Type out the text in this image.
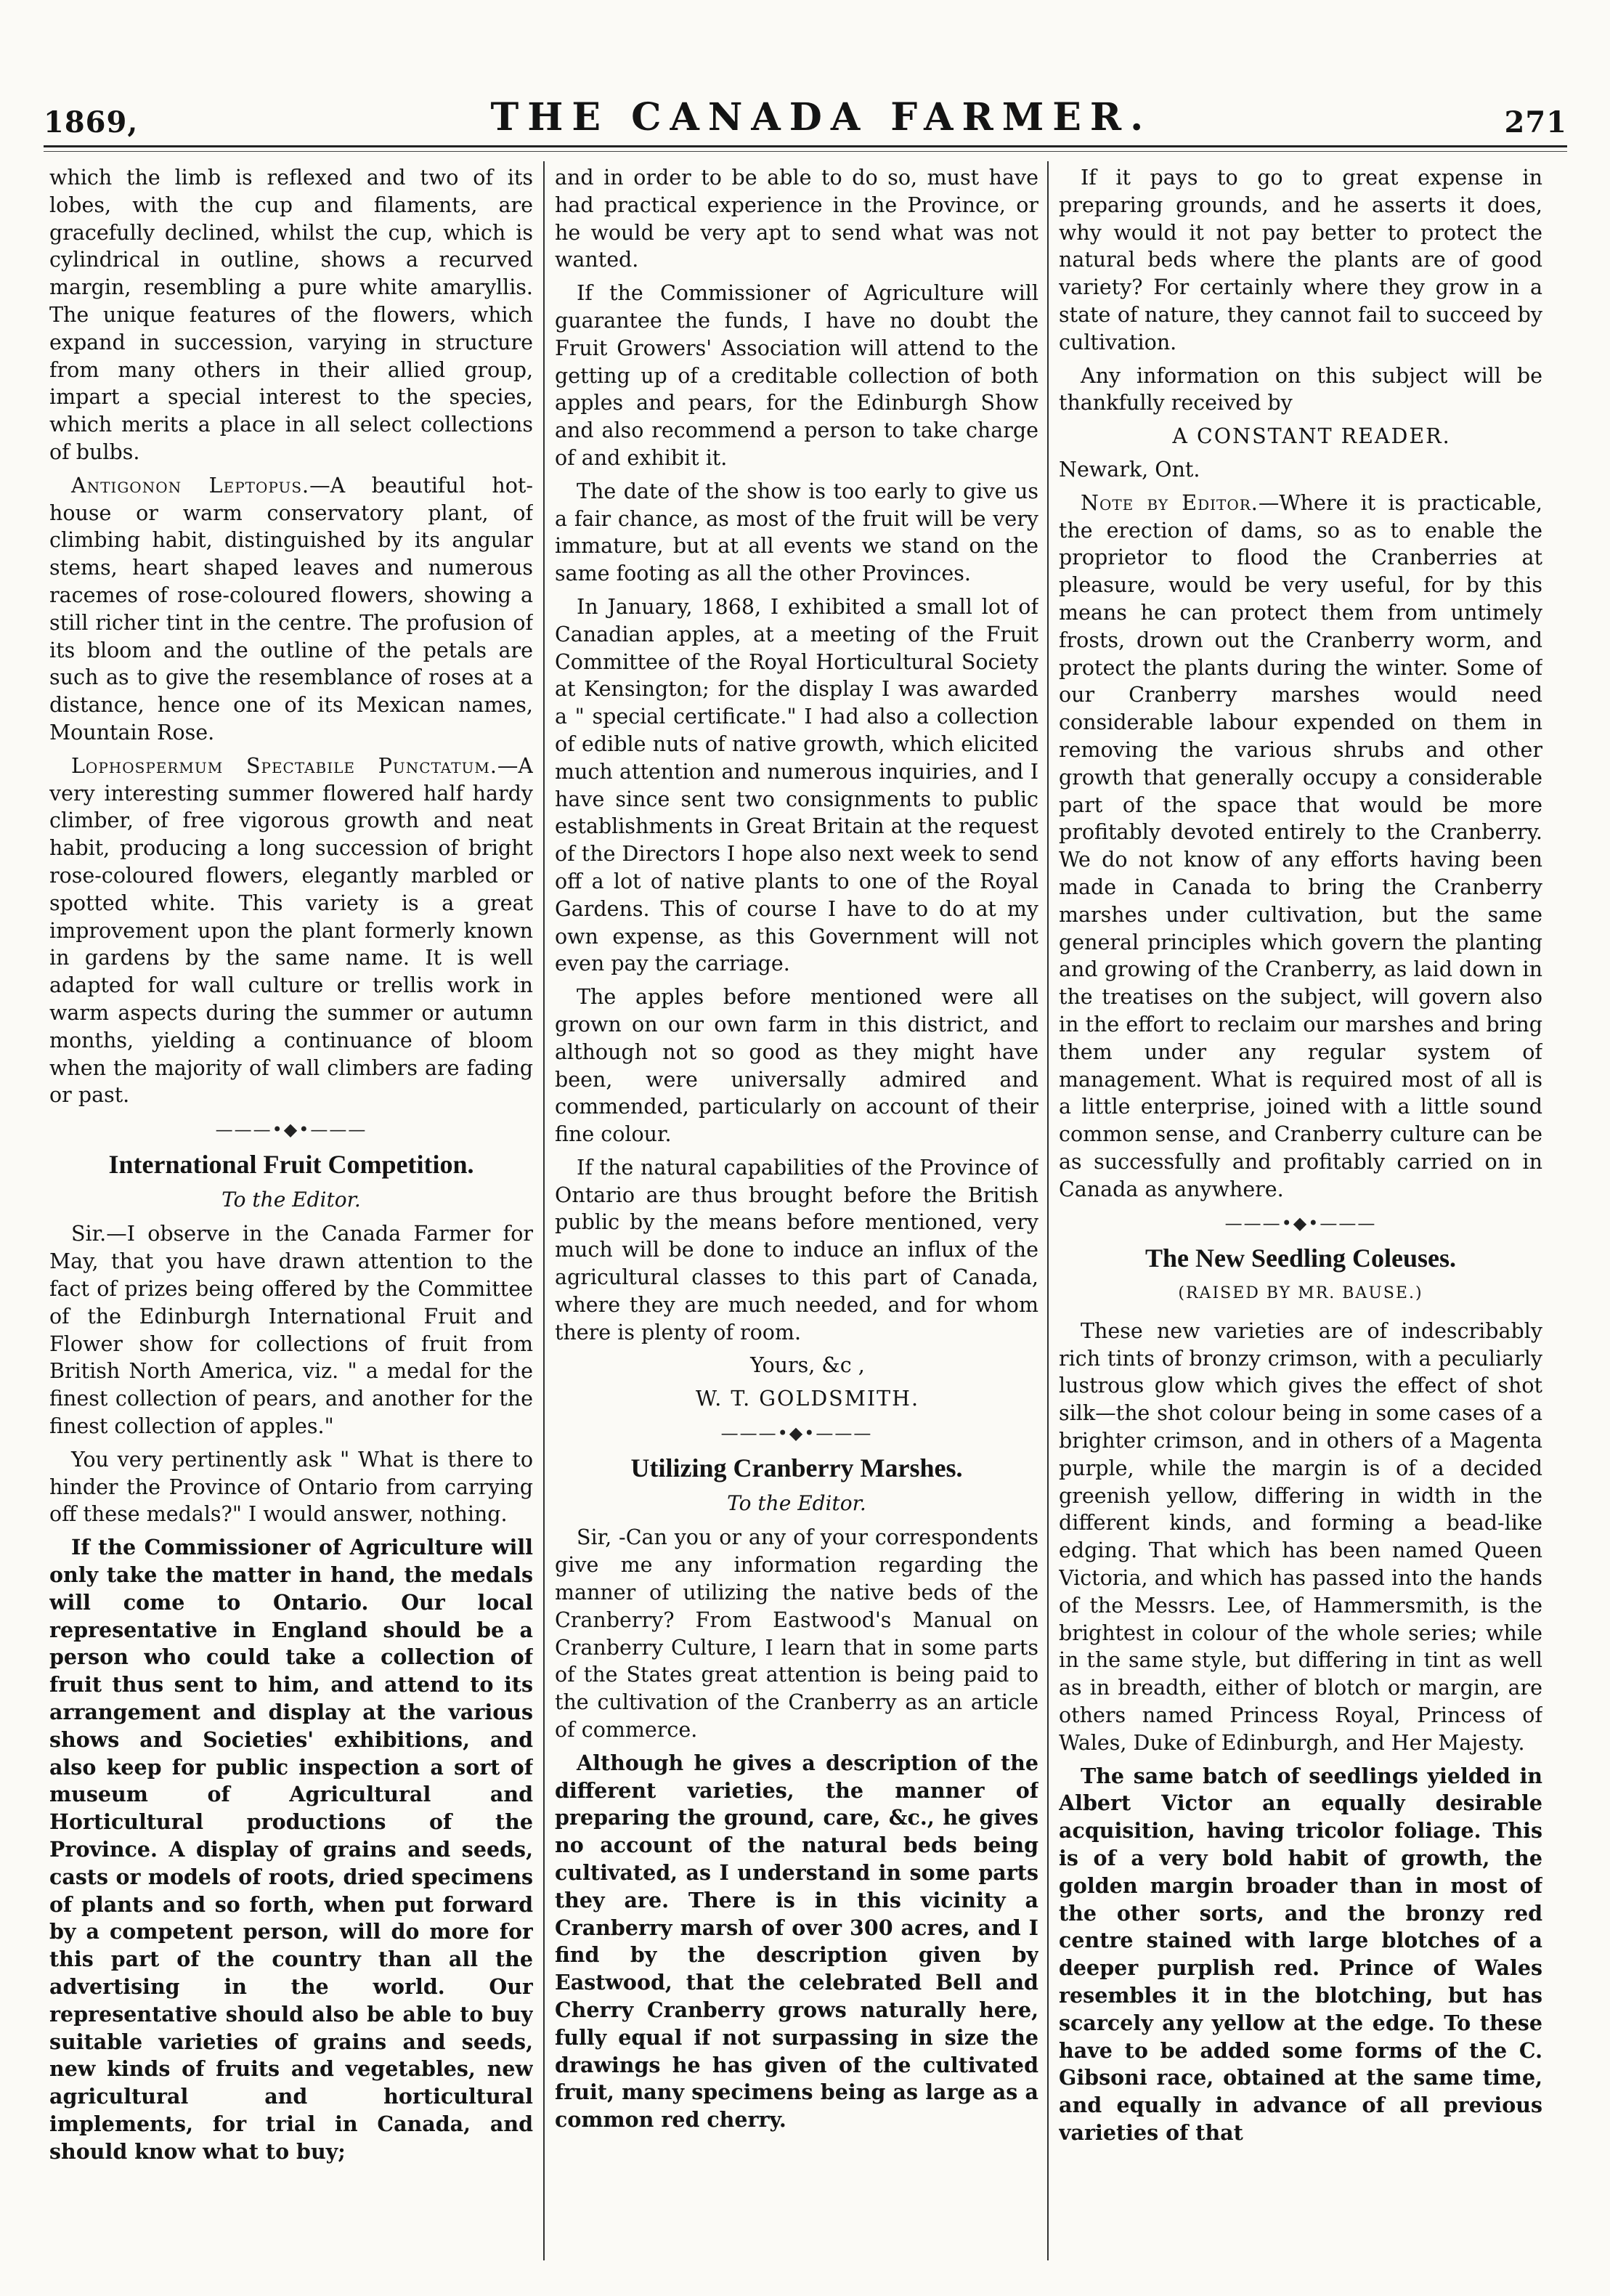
1869,	THE CANADA FARMER.	271

which the limb is reflexed and two of its lobes, with the cup and filaments, are gracefully declined, whilst the cup, which is cylindrical in outline, shows a recurved margin, resembling a pure white amaryllis. The unique features of the flowers, which expand in succession, varying in structure from many others in their allied group, impart a special interest to the species, which merits a place in all select collections of bulbs.

Antigonon Leptopus.—A beautiful hot-house or warm conservatory plant, of climbing habit, distinguished by its angular stems, heart shaped leaves and numerous racemes of rose-coloured flowers, showing a still richer tint in the centre. The profusion of its bloom and the outline of the petals are such as to give the resemblance of roses at a distance, hence one of its Mexican names, Mountain Rose.

Lophospermum Spectabile Punctatum.—A very interesting summer flowered half hardy climber, of free vigorous growth and neat habit, producing a long succession of bright rose-coloured flowers, elegantly marbled or spotted white. This variety is a great improvement upon the plant formerly known in gardens by the same name. It is well adapted for wall culture or trellis work in warm aspects during the summer or autumn months, yielding a continuance of bloom when the majority of wall climbers are fading or past.

———•◆•———
International Fruit Competition.
To the Editor.

Sir.—I observe in the Canada Farmer for May, that you have drawn attention to the fact of prizes being offered by the Committee of the Edinburgh International Fruit and Flower show for collections of fruit from British North America, viz. " a medal for the finest collection of pears, and another for the finest collection of apples."

You very pertinently ask " What is there to hinder the Province of Ontario from carrying off these medals?" I would answer, nothing.

If the Commissioner of Agriculture will only take the matter in hand, the medals will come to Ontario. Our local representative in England should be a person who could take a collection of fruit thus sent to him, and attend to its arrangement and display at the various shows and Societies' exhibitions, and also keep for public inspection a sort of museum of Agricultural and Horticultural productions of the Province. A display of grains and seeds, casts or models of roots, dried specimens of plants and so forth, when put forward by a competent person, will do more for this part of the country than all the advertising in the world. Our representative should also be able to buy suitable varieties of grains and seeds, new kinds of fruits and vegetables, new agricultural and horticultural implements, for trial in Canada, and should know what to buy;

and in order to be able to do so, must have had practical experience in the Province, or he would be very apt to send what was not wanted.

If the Commissioner of Agriculture will guarantee the funds, I have no doubt the Fruit Growers' Association will attend to the getting up of a creditable collection of both apples and pears, for the Edinburgh Show and also recommend a person to take charge of and exhibit it.

The date of the show is too early to give us a fair chance, as most of the fruit will be very immature, but at all events we stand on the same footing as all the other Provinces.

In January, 1868, I exhibited a small lot of Canadian apples, at a meeting of the Fruit Committee of the Royal Horticultural Society at Kensington; for the display I was awarded a " special certificate." I had also a collection of edible nuts of native growth, which elicited much attention and numerous inquiries, and I have since sent two consignments to public establishments in Great Britain at the request of the Directors I hope also next week to send off a lot of native plants to one of the Royal Gardens. This of course I have to do at my own expense, as this Government will not even pay the carriage.

The apples before mentioned were all grown on our own farm in this district, and although not so good as they might have been, were universally admired and commended, particularly on account of their fine colour.

If the natural capabilities of the Province of Ontario are thus brought before the British public by the means before mentioned, very much will be done to induce an influx of the agricultural classes to this part of Canada, where they are much needed, and for whom there is plenty of room.

Yours, &c ,

W. T. GOLDSMITH.

———•◆•———
Utilizing Cranberry Marshes.
To the Editor.

Sir, -Can you or any of your correspondents give me any information regarding the manner of utilizing the native beds of the Cranberry? From Eastwood's Manual on Cranberry Culture, I learn that in some parts of the States great attention is being paid to the cultivation of the Cranberry as an article of commerce.

Although he gives a description of the different varieties, the manner of preparing the ground, care, &c., he gives no account of the natural beds being cultivated, as I understand in some parts they are. There is in this vicinity a Cranberry marsh of over 300 acres, and I find by the description given by Eastwood, that the celebrated Bell and Cherry Cranberry grows naturally here, fully equal if not surpassing in size the drawings he has given of the cultivated fruit, many specimens being as large as a common red cherry.

If it pays to go to great expense in preparing grounds, and he asserts it does, why would it not pay better to protect the natural beds where the plants are of good variety? For certainly where they grow in a state of nature, they cannot fail to succeed by cultivation.

Any information on this subject will be thankfully received by

A CONSTANT READER.

Newark, Ont.

Note by Editor.—Where it is practicable, the erection of dams, so as to enable the proprietor to flood the Cranberries at pleasure, would be very useful, for by this means he can protect them from untimely frosts, drown out the Cranberry worm, and protect the plants during the winter. Some of our Cranberry marshes would need considerable labour expended on them in removing the various shrubs and other growth that generally occupy a considerable part of the space that would be more profitably devoted entirely to the Cranberry. We do not know of any efforts having been made in Canada to bring the Cranberry marshes under cultivation, but the same general principles which govern the planting and growing of the Cranberry, as laid down in the treatises on the subject, will govern also in the effort to reclaim our marshes and bring them under any regular system of management. What is required most of all is a little enterprise, joined with a little sound common sense, and Cranberry culture can be as successfully and profitably carried on in Canada as anywhere.

———•◆•———
The New Seedling Coleuses.
(RAISED BY MR. BAUSE.)

These new varieties are of indescribably rich tints of bronzy crimson, with a peculiarly lustrous glow which gives the effect of shot silk—the shot colour being in some cases of a brighter crimson, and in others of a Magenta purple, while the margin is of a decided greenish yellow, differing in width in the different kinds, and forming a bead-like edging. That which has been named Queen Victoria, and which has passed into the hands of the Messrs. Lee, of Hammersmith, is the brightest in colour of the whole series; while in the same style, but differing in tint as well as in breadth, either of blotch or margin, are others named Princess Royal, Princess of Wales, Duke of Edinburgh, and Her Majesty.

The same batch of seedlings yielded in Albert Victor an equally desirable acquisition, having tricolor foliage. This is of a very bold habit of growth, the golden margin broader than in most of the other sorts, and the bronzy red centre stained with large blotches of a deeper purplish red. Prince of Wales resembles it in the blotching, but has scarcely any yellow at the edge. To these have to be added some forms of the C. Gibsoni race, obtained at the same time, and equally in advance of all previous varieties of that
